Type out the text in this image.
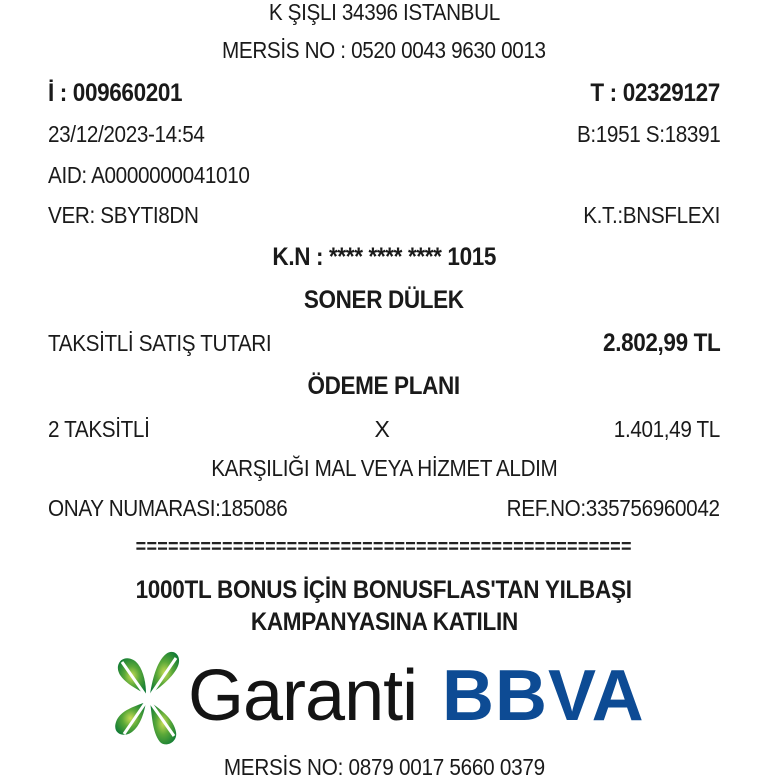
K ŞIŞLI 34396 ISTANBUL
MERSİS NO : 0520 0043 9630 0013
İ : 009660201	T : 02329127
23/12/2023-14:54	B:1951 S:18391
AID: A0000000041010
VER: SBYTI8DN	K.T.:BNSFLEXI
K.N : **** **** **** 1015
SONER DÜLEK
TAKSİTLİ SATIŞ TUTARI	2.802,99 TL
ÖDEME PLANI
2 TAKSİTLİ	X	1.401,49 TL
KARŞILIĞI MAL VEYA HİZMET ALDIM
ONAY NUMARASI:185086	REF.NO:335756960042
==============================================
1000TL BONUS İÇİN BONUSFLAS'TAN YILBAŞI
KAMPANYASINA KATILIN
Garanti BBVA
MERSİS NO: 0879 0017 5660 0379
